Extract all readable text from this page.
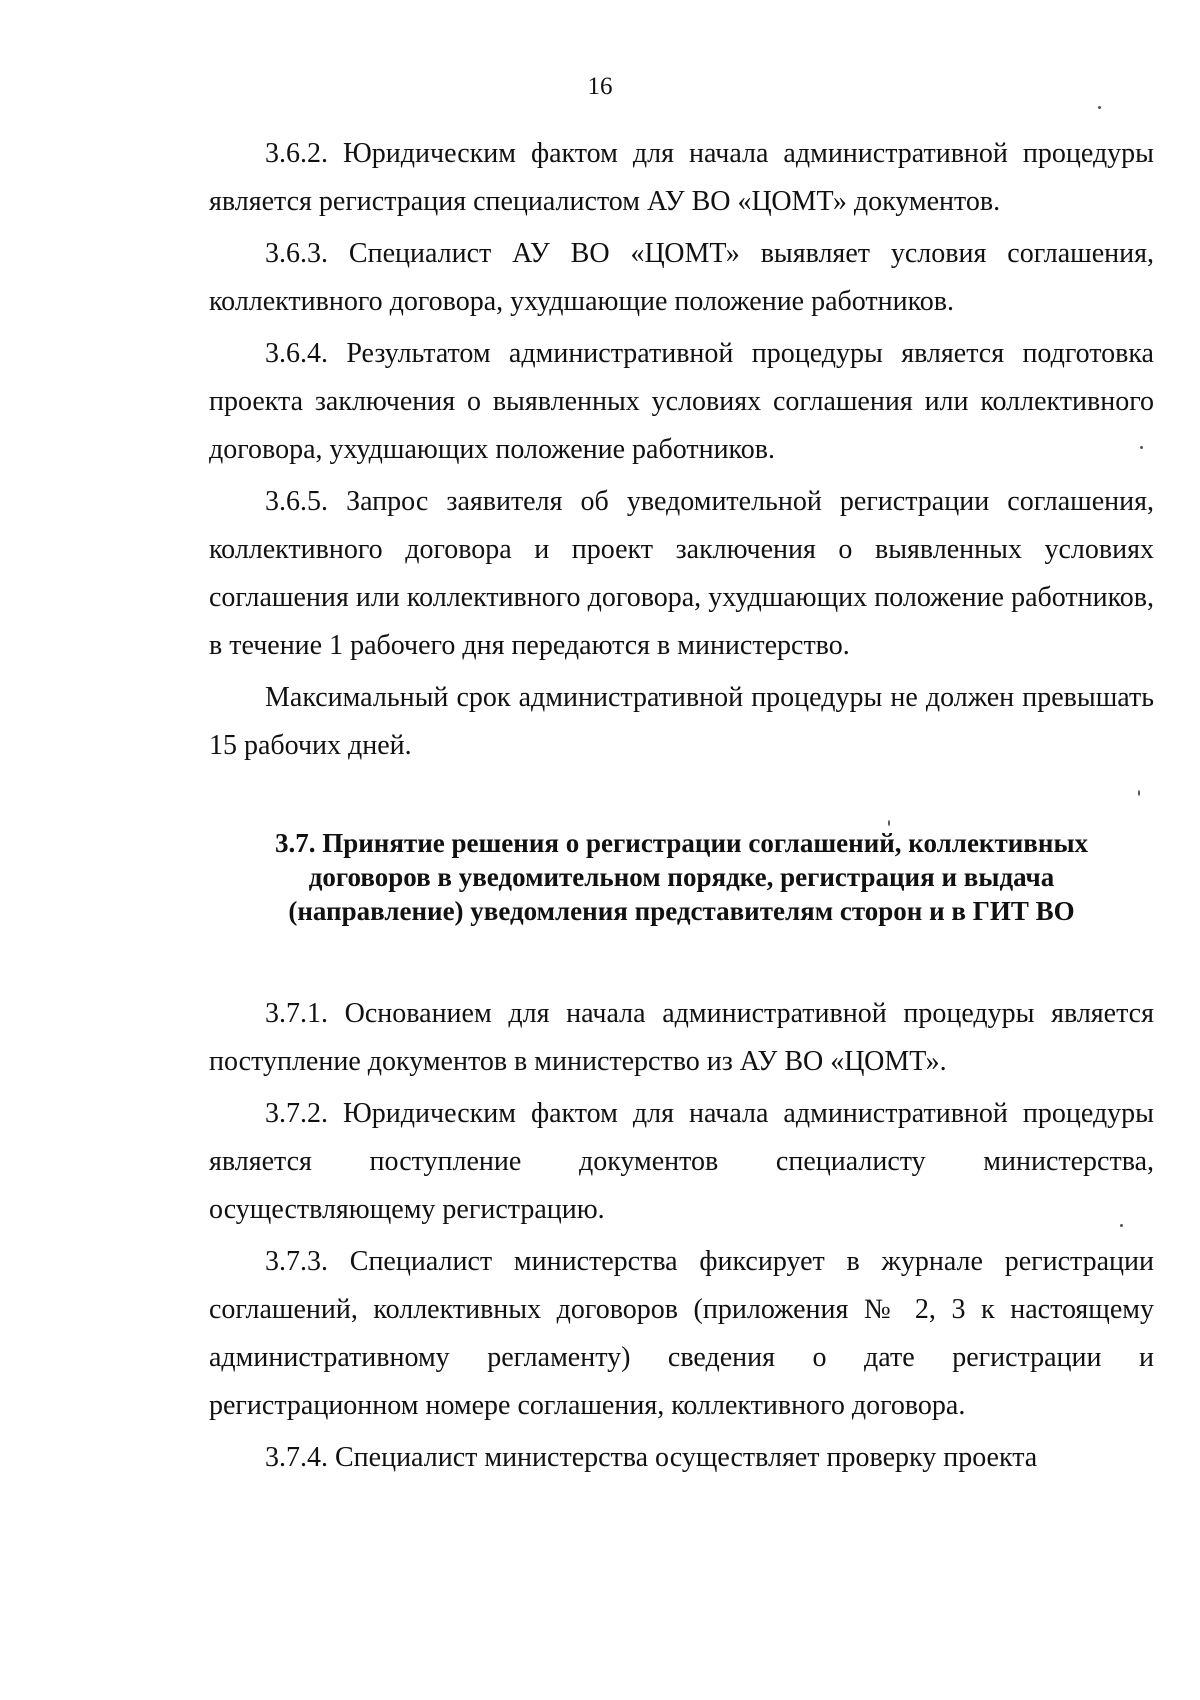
16

3.6.2. Юридическим фактом для начала административной процедуры является регистрация специалистом АУ ВО «ЦОМТ» документов.

3.6.3. Специалист АУ ВО «ЦОМТ» выявляет условия соглашения, коллективного договора, ухудшающие положение работников.

3.6.4. Результатом административной процедуры является подготовка проекта заключения о выявленных условиях соглашения или коллективного договора, ухудшающих положение работников.

3.6.5. Запрос заявителя об уведомительной регистрации соглашения, коллективного договора и проект заключения о выявленных условиях соглашения или коллективного договора, ухудшающих положение работников, в течение 1 рабочего дня передаются в министерство.

Максимальный срок административной процедуры не должен превышать 15 рабочих дней.

3.7. Принятие решения о регистрации соглашений, коллективных
договоров в уведомительном порядке, регистрация и выдача
(направление) уведомления представителям сторон и в ГИТ ВО

3.7.1. Основанием для начала административной процедуры является поступление документов в министерство из АУ ВО «ЦОМТ».

3.7.2. Юридическим фактом для начала административной процедуры является поступление документов специалисту министерства, осуществляющему регистрацию.

3.7.3. Специалист министерства фиксирует в журнале регистрации соглашений, коллективных договоров (приложения № 2, 3 к настоящему административному регламенту) сведения о дате регистрации и регистрационном номере соглашения, коллективного договора.

3.7.4. Специалист министерства осуществляет проверку проекта
